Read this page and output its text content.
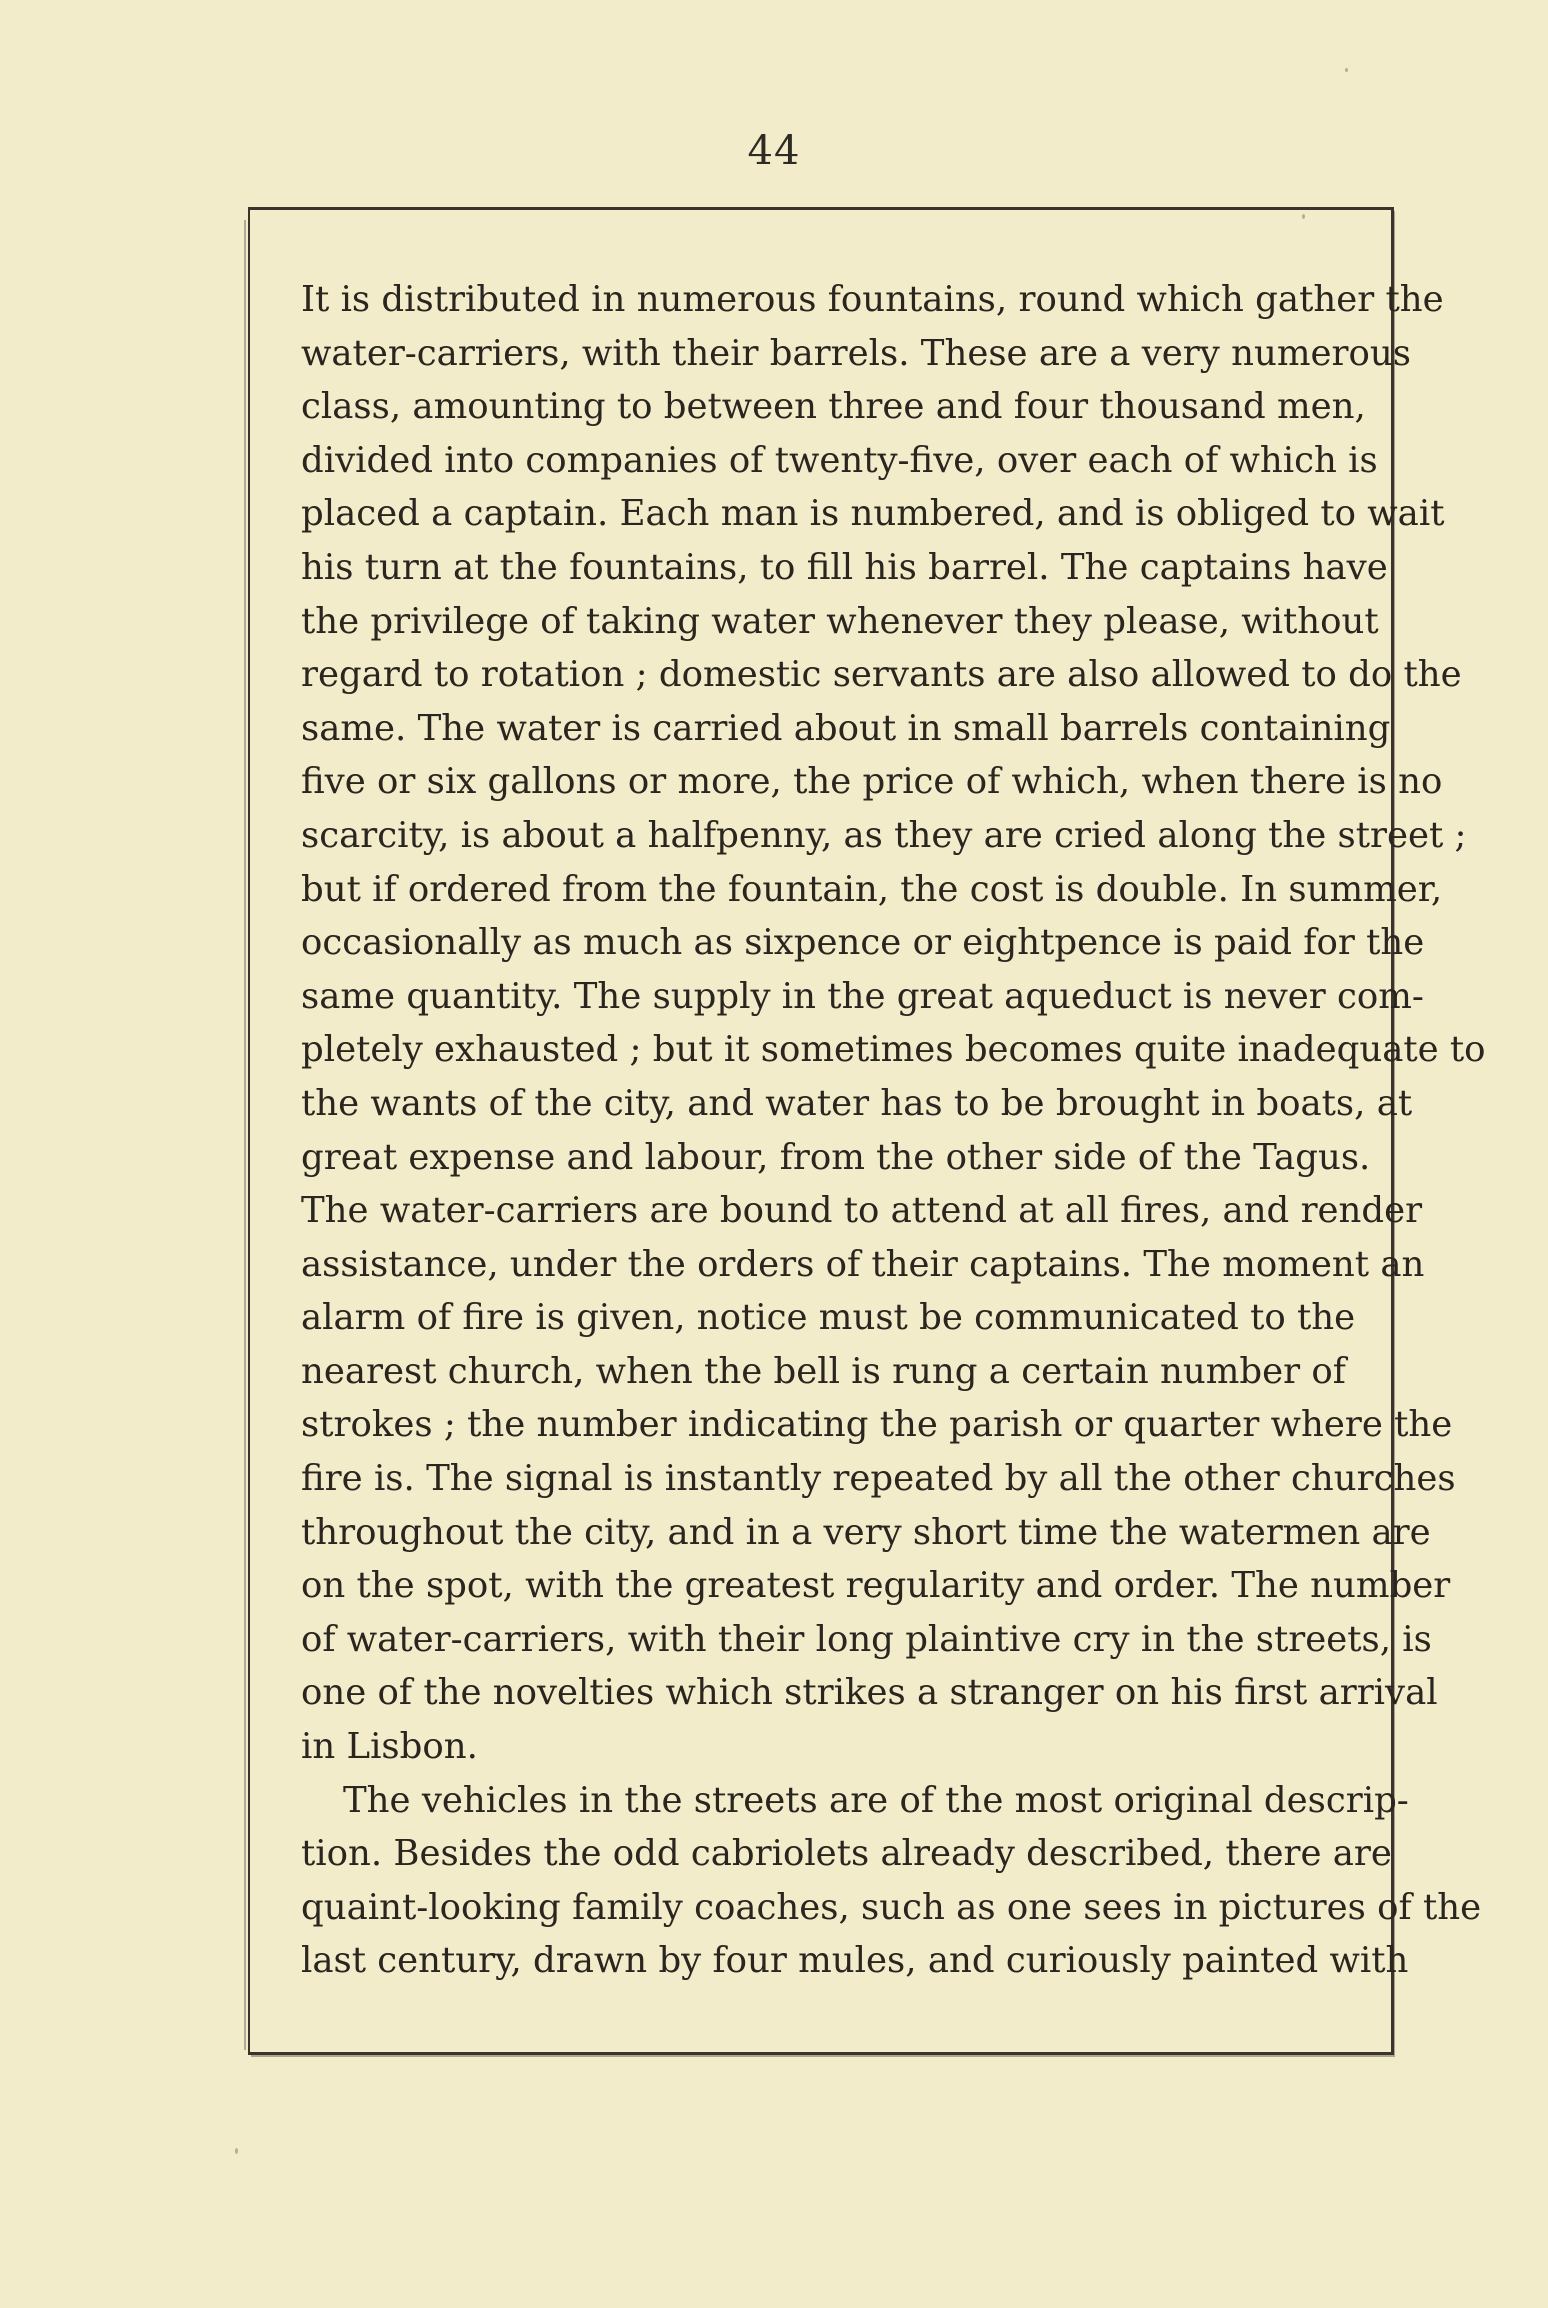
44

It is distributed in numerous fountains, round which gather the
water-carriers, with their barrels. These are a very numerous
class, amounting to between three and four thousand men,
divided into companies of twenty-five, over each of which is
placed a captain. Each man is numbered, and is obliged to wait
his turn at the fountains, to fill his barrel. The captains have
the privilege of taking water whenever they please, without
regard to rotation ; domestic servants are also allowed to do the
same. The water is carried about in small barrels containing
five or six gallons or more, the price of which, when there is no
scarcity, is about a halfpenny, as they are cried along the street ;
but if ordered from the fountain, the cost is double. In summer,
occasionally as much as sixpence or eightpence is paid for the
same quantity. The supply in the great aqueduct is never com-
pletely exhausted ; but it sometimes becomes quite inadequate to
the wants of the city, and water has to be brought in boats, at
great expense and labour, from the other side of the Tagus.
The water-carriers are bound to attend at all fires, and render
assistance, under the orders of their captains. The moment an
alarm of fire is given, notice must be communicated to the
nearest church, when the bell is rung a certain number of
strokes ; the number indicating the parish or quarter where the
fire is. The signal is instantly repeated by all the other churches
throughout the city, and in a very short time the watermen are
on the spot, with the greatest regularity and order. The number
of water-carriers, with their long plaintive cry in the streets, is
one of the novelties which strikes a stranger on his first arrival
in Lisbon.

The vehicles in the streets are of the most original descrip-
tion. Besides the odd cabriolets already described, there are
quaint-looking family coaches, such as one sees in pictures of the
last century, drawn by four mules, and curiously painted with
